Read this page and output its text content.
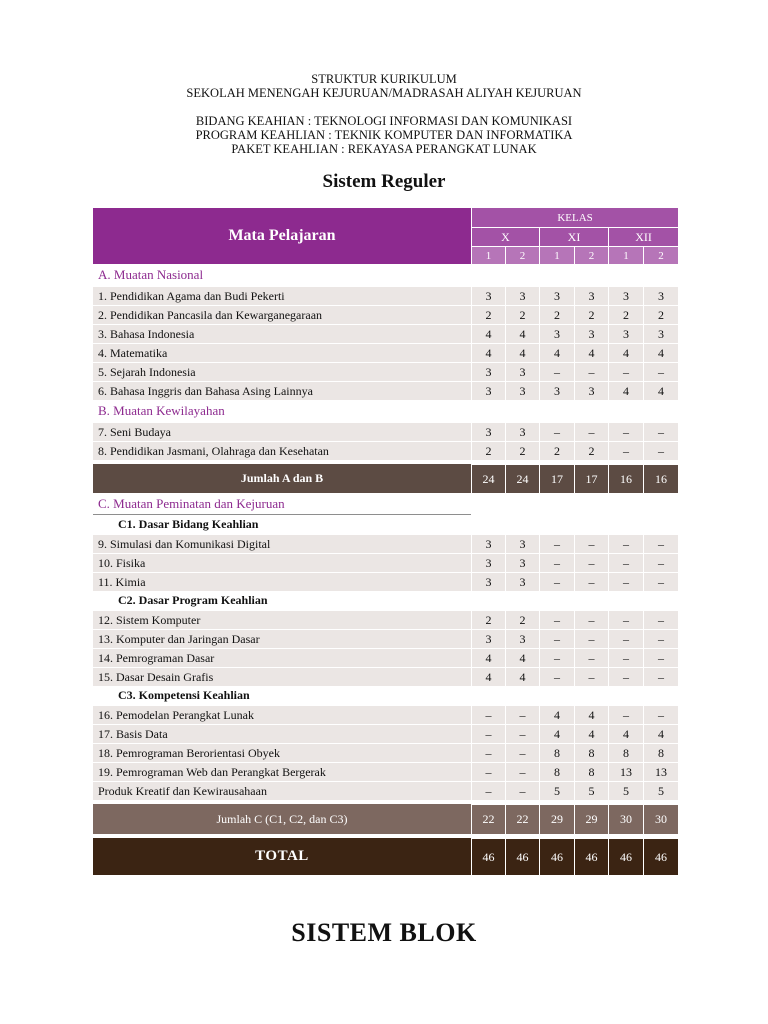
STRUKTUR KURIKULUM
SEKOLAH MENENGAH KEJURUAN/MADRASAH ALIYAH KEJURUAN
BIDANG KEAHIAN : TEKNOLOGI INFORMASI DAN KOMUNIKASI
PROGRAM KEAHLIAN : TEKNIK KOMPUTER DAN INFORMATIKA
PAKET KEAHLIAN : REKAYASA PERANGKAT LUNAK
Sistem Reguler
Mata Pelajaran	KELAS					
	X		XI		XII	
	1	2	1	2	1	2
A. Muatan Nasional						
1. Pendidikan Agama dan Budi Pekerti	3	3	3	3	3	3
2. Pendidikan Pancasila dan Kewarganegaraan	2	2	2	2	2	2
3. Bahasa Indonesia	4	4	3	3	3	3
4. Matematika	4	4	4	4	4	4
5. Sejarah Indonesia	3	3	–	–	–	–
6. Bahasa Inggris dan Bahasa Asing Lainnya	3	3	3	3	4	4
B. Muatan Kewilayahan						
7. Seni Budaya	3	3	–	–	–	–
8. Pendidikan Jasmani, Olahraga dan Kesehatan	2	2	2	2	–	–

Jumlah A dan B	24	24	17	17	16	16
C. Muatan Peminatan dan Kejuruan						
C1. Dasar Bidang Keahlian						
9. Simulasi dan Komunikasi Digital	3	3	–	–	–	–
10. Fisika	3	3	–	–	–	–
11. Kimia	3	3	–	–	–	–
C2. Dasar Program Keahlian						
12. Sistem Komputer	2	2	–	–	–	–
13. Komputer dan Jaringan Dasar	3	3	–	–	–	–
14. Pemrograman Dasar	4	4	–	–	–	–
15. Dasar Desain Grafis	4	4	–	–	–	–
C3. Kompetensi Keahlian						
16. Pemodelan Perangkat Lunak	–	–	4	4	–	–
17. Basis Data	–	–	4	4	4	4
18. Pemrograman Berorientasi Obyek	–	–	8	8	8	8
19. Pemrograman Web dan Perangkat Bergerak	–	–	8	8	13	13
Produk Kreatif dan Kewirausahaan	–	–	5	5	5	5

Jumlah C (C1, C2, dan C3)	22	22	29	29	30	30

TOTAL	46	46	46	46	46	46
SISTEM BLOK
